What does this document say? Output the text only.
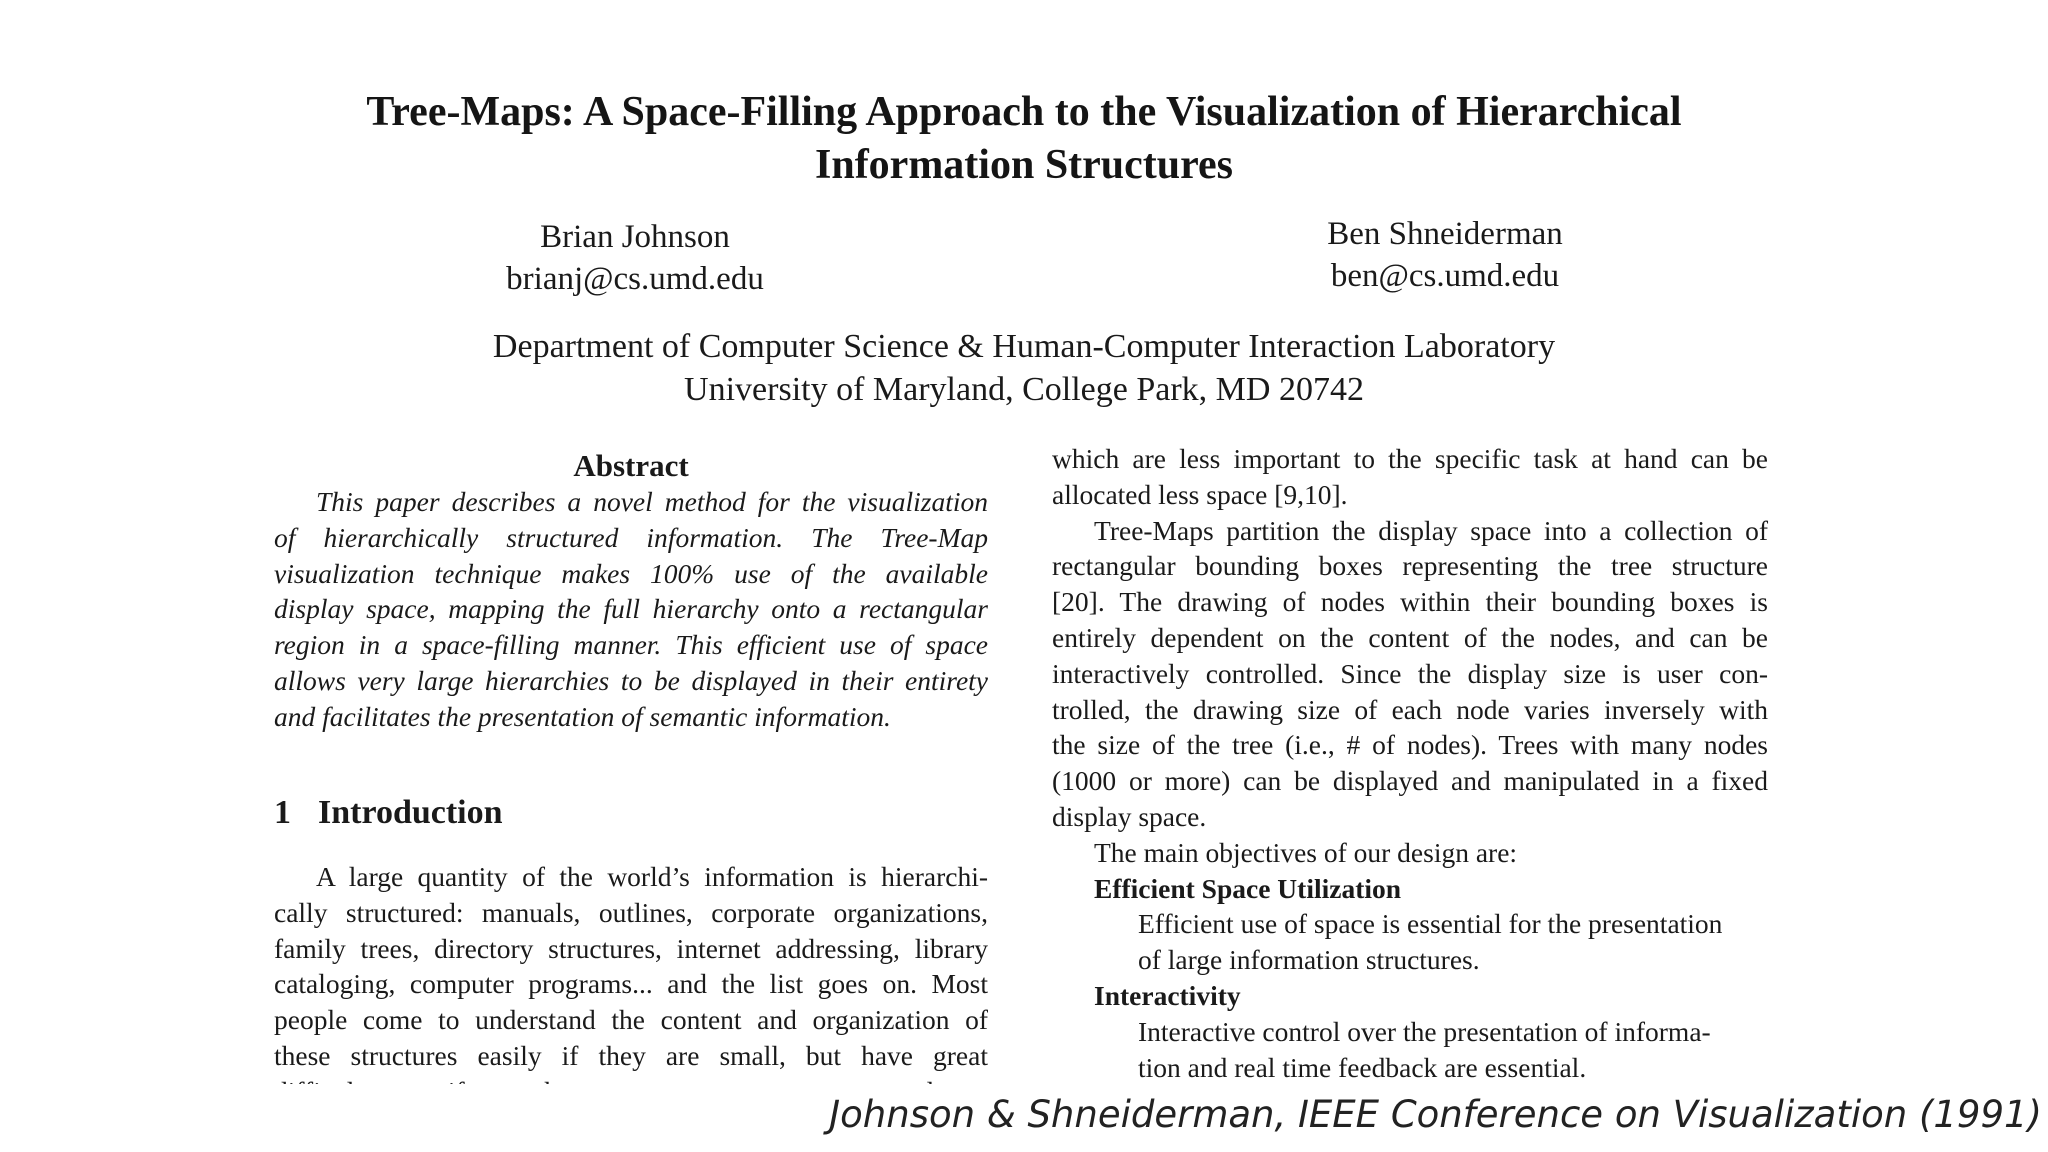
Tree-Maps: A Space-Filling Approach to the Visualization of Hierarchical
Information Structures
Brian Johnson
brianj@cs.umd.edu
Ben Shneiderman
ben@cs.umd.edu
Department of Computer Science & Human-Computer Interaction Laboratory
University of Maryland, College Park, MD 20742
Abstract
This paper describes a novel method for the visualization
of hierarchically structured information. The Tree-Map
visualization technique makes 100% use of the available
display space, mapping the full hierarchy onto a rectangular
region in a space-filling manner. This efficient use of space
allows very large hierarchies to be displayed in their entirety
and facilitates the presentation of semantic information.
1 Introduction
A large quantity of the world’s information is hierarchi-
cally structured: manuals, outlines, corporate organizations,
family trees, directory structures, internet addressing, library
cataloging, computer programs... and the list goes on. Most
people come to understand the content and organization of
these structures easily if they are small, but have great
which are less important to the specific task at hand can be
allocated less space [9,10].
Tree-Maps partition the display space into a collection of
rectangular bounding boxes representing the tree structure
[20]. The drawing of nodes within their bounding boxes is
entirely dependent on the content of the nodes, and can be
interactively controlled. Since the display size is user con-
trolled, the drawing size of each node varies inversely with
the size of the tree (i.e., # of nodes). Trees with many nodes
(1000 or more) can be displayed and manipulated in a fixed
display space.
The main objectives of our design are:
Efficient Space Utilization
Efficient use of space is essential for the presentation
of large information structures.
Interactivity
Interactive control over the presentation of informa-
tion and real time feedback are essential.
Johnson & Shneiderman, IEEE Conference on Visualization (1991)
